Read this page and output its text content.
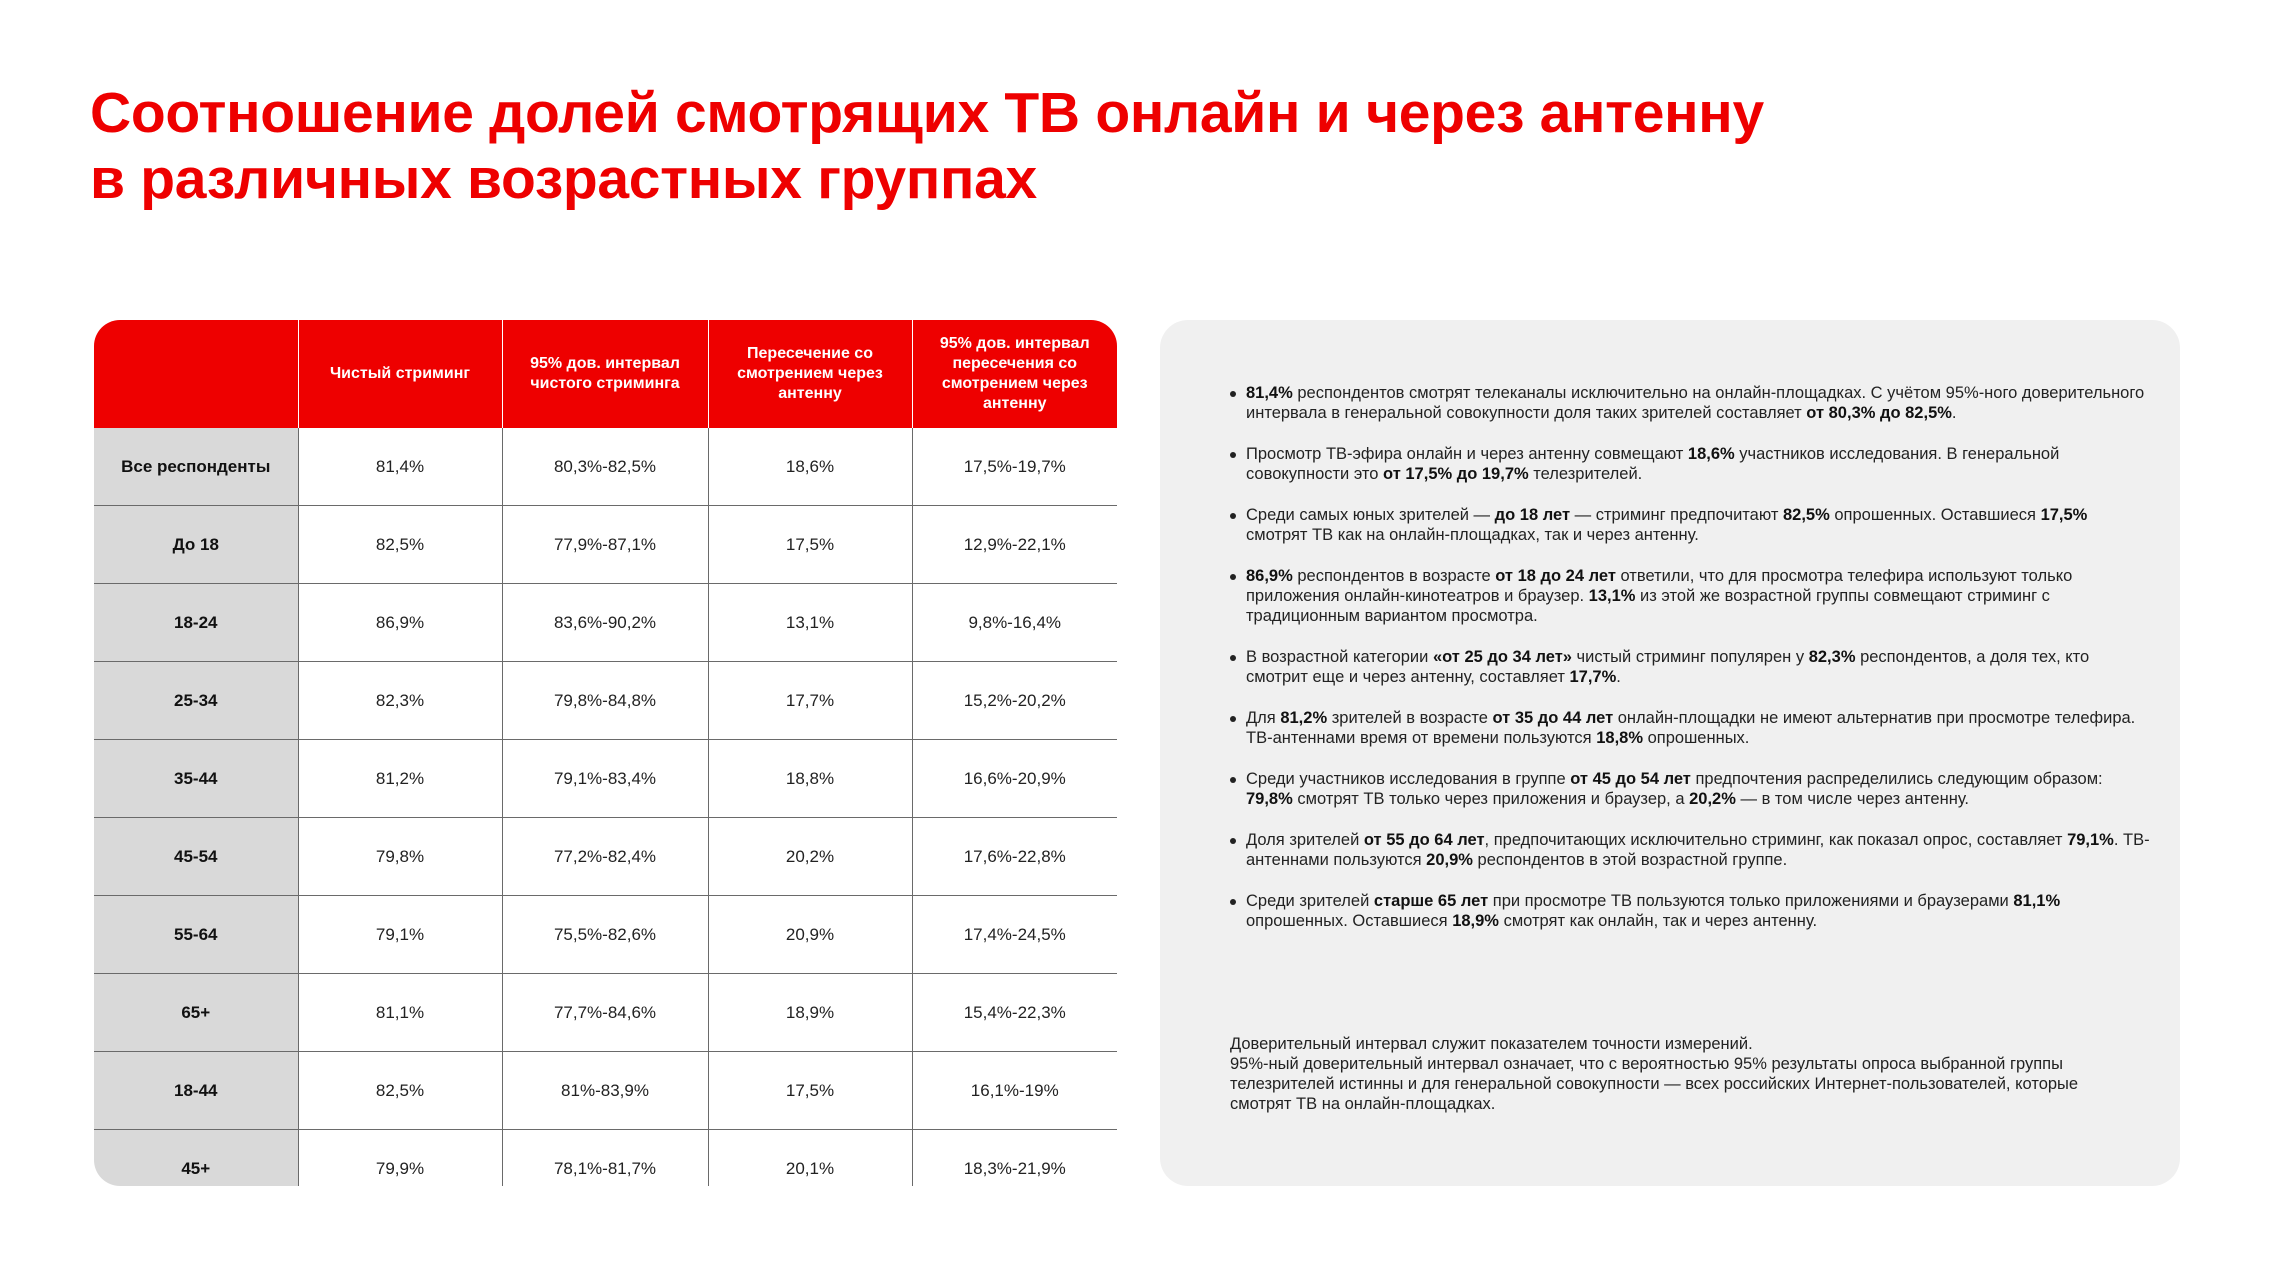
Соотношение долей смотрящих ТВ онлайн и через антенну
в различных возрастных группах
	Чистый стриминг	95% дов. интервал чистого стриминга	Пересечение со смотрением через антенну	95% дов. интервал пересечения со смотрением через антенну
Все респонденты	81,4%	80,3%-82,5%	18,6%	17,5%-19,7%
До 18	82,5%	77,9%-87,1%	17,5%	12,9%-22,1%
18-24	86,9%	83,6%-90,2%	13,1%	9,8%-16,4%
25-34	82,3%	79,8%-84,8%	17,7%	15,2%-20,2%
35-44	81,2%	79,1%-83,4%	18,8%	16,6%-20,9%
45-54	79,8%	77,2%-82,4%	20,2%	17,6%-22,8%
55-64	79,1%	75,5%-82,6%	20,9%	17,4%-24,5%
65+	81,1%	77,7%-84,6%	18,9%	15,4%-22,3%
18-44	82,5%	81%-83,9%	17,5%	16,1%-19%
45+	79,9%	78,1%-81,7%	20,1%	18,3%-21,9%
81,4% респондентов смотрят телеканалы исключительно на онлайн-площадках. С учётом 95%-ного доверительного интервала в генеральной совокупности доля таких зрителей составляет от 80,3% до 82,5%.
Просмотр ТВ-эфира онлайн и через антенну совмещают 18,6% участников исследования. В генеральной совокупности это от 17,5% до 19,7% телезрителей.
Среди самых юных зрителей — до 18 лет — стриминг предпочитают 82,5% опрошенных. Оставшиеся 17,5% смотрят ТВ как на онлайн-площадках, так и через антенну.
86,9% респондентов в возрасте от 18 до 24 лет ответили, что для просмотра телефира используют только приложения онлайн-кинотеатров и браузер. 13,1% из этой же возрастной группы совмещают стриминг с традиционным вариантом просмотра.
В возрастной категории «от 25 до 34 лет» чистый стриминг популярен у 82,3% респондентов, а доля тех, кто смотрит еще и через антенну, составляет 17,7%.
Для 81,2% зрителей в возрасте от 35 до 44 лет онлайн-площадки не имеют альтернатив при просмотре телефира. ТВ-антеннами время от времени пользуются 18,8% опрошенных.
Среди участников исследования в группе от 45 до 54 лет предпочтения распределились следующим образом: 79,8% смотрят ТВ только через приложения и браузер, а 20,2% — в том числе через антенну.
Доля зрителей от 55 до 64 лет, предпочитающих исключительно стриминг, как показал опрос, составляет 79,1%. ТВ-антеннами пользуются 20,9% респондентов в этой возрастной группе.
Среди зрителей старше 65 лет при просмотре ТВ пользуются только приложениями и браузерами 81,1% опрошенных. Оставшиеся 18,9% смотрят как онлайн, так и через антенну.
Доверительный интервал служит показателем точности измерений.
95%-ный доверительный интервал означает, что с вероятностью 95% результаты опроса выбранной группы телезрителей истинны и для генеральной совокупности — всех российских Интернет-пользователей, которые смотрят ТВ на онлайн-площадках.
